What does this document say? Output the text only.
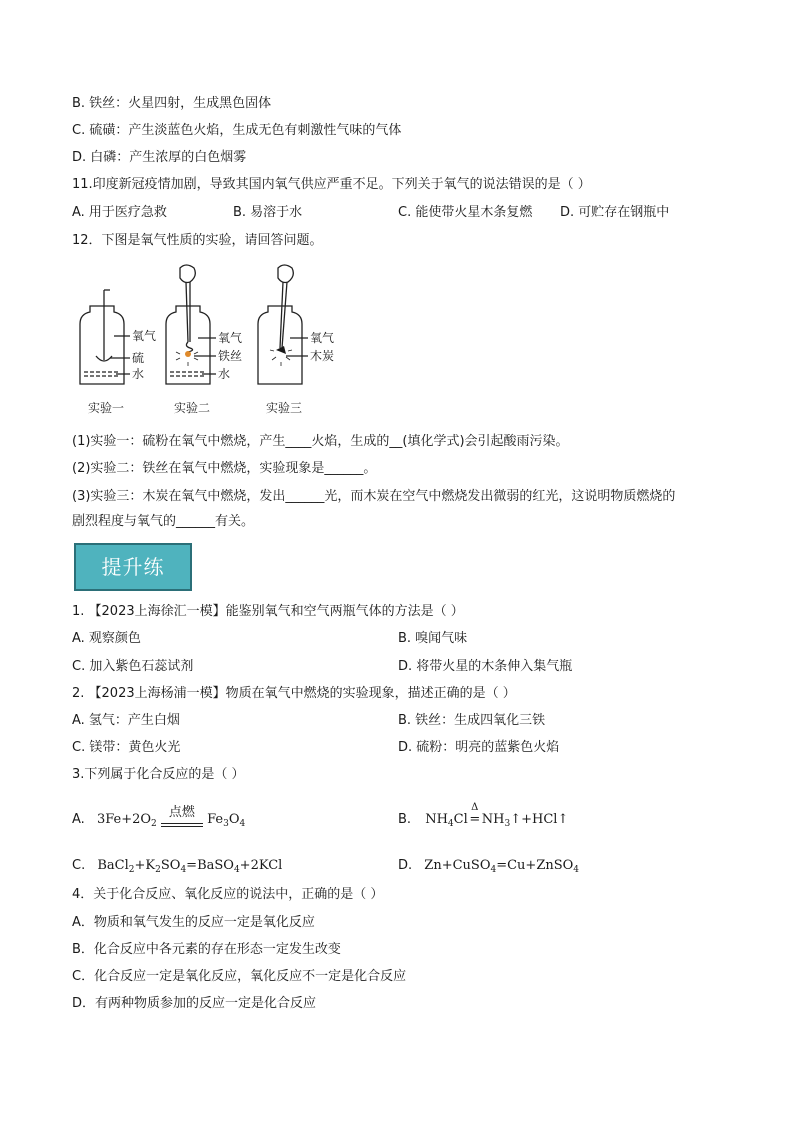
B. 铁丝：火星四射，生成黑色固体
C. 硫磺：产生淡蓝色火焰，生成无色有刺激性气味的气体
D. 白磷：产生浓厚的白色烟雾
11.印度新冠疫情加剧，导致其国内氧气供应严重不足。下列关于氧气的说法错误的是（ ）
A. 用于医疗急救	B. 易溶于水	C. 能使带火星木条复燃 D. 可贮存在钢瓶中
12．下图是氧气性质的实验，请回答问题。
氧气
硫
水
实验一
氧气
铁丝
水
实验二
氧气
木炭
实验三
(1)实验一：硫粉在氧气中燃烧，产生____火焰，生成的__(填化学式)会引起酸雨污染。
(2)实验二：铁丝在氧气中燃烧，实验现象是______。
(3)实验三：木炭在氧气中燃烧，发出______光，而木炭在空气中燃烧发出微弱的红光，这说明物质燃烧的
剧烈程度与氧气的______有关。
提升练
1. 【2023上海徐汇一模】能鉴别氧气和空气两瓶气体的方法是（ ）
A. 观察颜色	B. 嗅闻气味
C. 加入紫色石蕊试剂	D. 将带火星的木条伸入集气瓶
2. 【2023上海杨浦一模】物质在氧气中燃烧的实验现象，描述正确的是（ ）
A. 氢气：产生白烟	B. 铁丝：生成四氧化三铁
C. 镁带：黄色火光	D. 硫粉：明亮的蓝紫色火焰
3.下列属于化合反应的是（ ）
A. $3Fe+2O_2$
点燃 $Fe_3O_4$	B. $NH_4Cl$
Δ
= $NH_3↑+HCl↑$
C. $BaCl_2+K_2SO_4=BaSO_4+2KCl$	D. Zn+CuSO$_4$=Cu+ZnSO$_4$
4．关于化合反应、氧化反应的说法中，正确的是（ ）
A．物质和氧气发生的反应一定是氧化反应
B．化合反应中各元素的存在形态一定发生改变
C．化合反应一定是氧化反应，氧化反应不一定是化合反应
D．有两种物质参加的反应一定是化合反应
